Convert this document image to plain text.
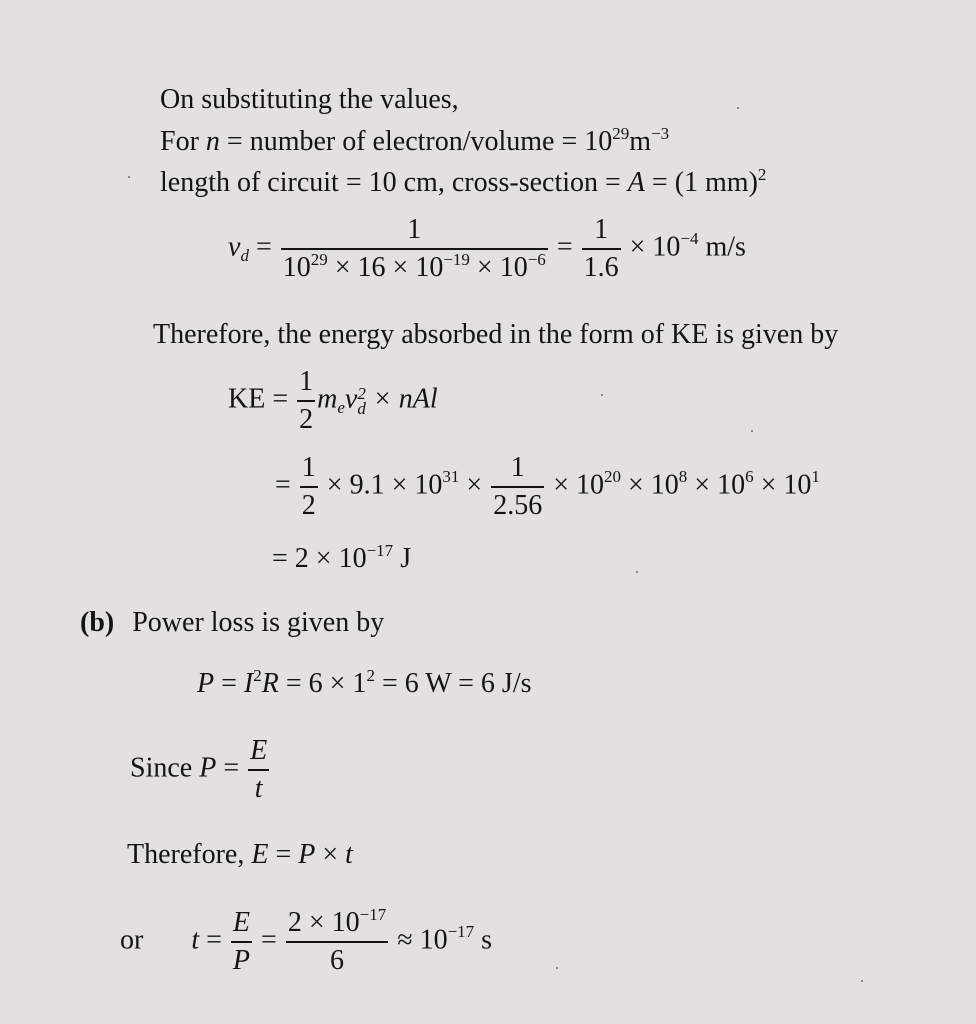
On substituting the values,
For n = number of electron/volume = $10^{29}m^{-3}$
length of circuit = 10 cm, cross-section = A = (1 mm)$^2$
$v_d = \frac{1}{10^{29} \times 16 \times 10^{-19} \times 10^{-6}} = \frac{1}{1.6} \times 10^{-4}$ m/s
Therefore, the energy absorbed in the form of KE is given by
KE = $\frac{1}{2} m_ev$ 2
d × nAl
= $\frac{1}{2} \times 9.1 \times 10^{31} \times \frac{1}{2.56} \times 10^{20} \times 10^8 \times 10^6 \times 10^1$
= $2 \times 10^{-17}$ J
(b) Power loss is given by
$P = I^2R = 6 \times 1^2 = 6$ W = 6 J/s
Since $P = \frac{E}{t}$
Therefore, E = P × t
or $t = \frac{E}{P} = \frac{2 \times 10^{-17}}{6} \approx 10^{-17}$ s
